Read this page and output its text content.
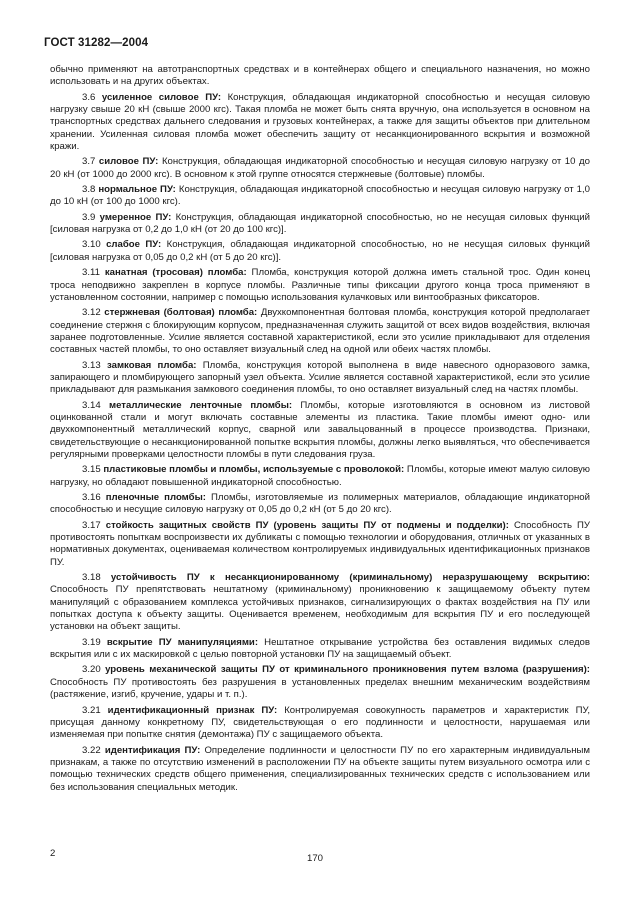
ГОСТ 31282—2004

обычно применяют на автотранспортных средствах и в контейнерах общего и специального назначения, но можно использовать и на других объектах.

3.6 усиленное силовое ПУ: Конструкция, обладающая индикаторной способностью и несущая силовую нагрузку свыше 20 кН (свыше 2000 кгс). Такая пломба не может быть снята вручную, она используется в основном на транспортных средствах дальнего следования и грузовых контейнерах, а также для защиты объектов при длительном хранении. Усиленная силовая пломба может обеспечить защиту от несанкционированного вскрытия и возможной кражи.

3.7 силовое ПУ: Конструкция, обладающая индикаторной способностью и несущая силовую нагрузку от 10 до 20 кН (от 1000 до 2000 кгс). В основном к этой группе относятся стержневые (болтовые) пломбы.

3.8 нормальное ПУ: Конструкция, обладающая индикаторной способностью и несущая силовую нагрузку от 1,0 до 10 кН (от 100 до 1000 кгс).

3.9 умеренное ПУ: Конструкция, обладающая индикаторной способностью, но не несущая силовых функций [силовая нагрузка от 0,2 до 1,0 кН (от 20 до 100 кгс)].

3.10 слабое ПУ: Конструкция, обладающая индикаторной способностью, но не несущая силовых функций [силовая нагрузка от 0,05 до 0,2 кН (от 5 до 20 кгс)].

3.11 канатная (тросовая) пломба: Пломба, конструкция которой должна иметь стальной трос. Один конец троса неподвижно закреплен в корпусе пломбы. Различные типы фиксации другого конца троса применяют в установленном состоянии, например с помощью использования кулачковых или винтообразных фиксаторов.

3.12 стержневая (болтовая) пломба: Двухкомпонентная болтовая пломба, конструкция которой предполагает соединение стержня с блокирующим корпусом, предназначенная служить защитой от всех видов воздействия, включая заранее подготовленные. Усилие является составной характеристикой, если это усилие прикладывают для отделения составных частей пломбы, то оно оставляет визуальный след на одной или обеих частях пломбы.

3.13 замковая пломба: Пломба, конструкция которой выполнена в виде навесного одноразового замка, запирающего и пломбирующего запорный узел объекта. Усилие является составной характеристикой, если это усилие прикладывают для размыкания замкового соединения пломбы, то оно оставляет визуальный след на частях пломбы.

3.14 металлические ленточные пломбы: Пломбы, которые изготовляются в основном из листовой оцинкованной стали и могут включать составные элементы из пластика. Такие пломбы имеют одно- или двухкомпонентный металлический корпус, сварной или завальцованный в процессе производства. Признаки, свидетельствующие о несанкционированной попытке вскрытия пломбы, должны легко выявляться, что обеспечивается регулярными проверками целостности пломбы в пути следования груза.

3.15 пластиковые пломбы и пломбы, используемые с проволокой: Пломбы, которые имеют малую силовую нагрузку, но обладают повышенной индикаторной способностью.

3.16 пленочные пломбы: Пломбы, изготовляемые из полимерных материалов, обладающие индикаторной способностью и несущие силовую нагрузку от 0,05 до 0,2 кН (от 5 до 20 кгс).

3.17 стойкость защитных свойств ПУ (уровень защиты ПУ от подмены и подделки): Способность ПУ противостоять попыткам воспроизвести их дубликаты с помощью технологии и оборудования, отличных от указанных в нормативных документах, оцениваемая количеством контролируемых индивидуальных идентификационных признаков ПУ.

3.18 устойчивость ПУ к несанкционированному (криминальному) неразрушающему вскрытию: Способность ПУ препятствовать нештатному (криминальному) проникновению к защищаемому объекту путем манипуляций с образованием комплекса устойчивых признаков, сигнализирующих о фактах воздействия на ПУ или попытках доступа к объекту защиты. Оценивается временем, необходимым для вскрытия ПУ и его последующей установки на объект защиты.

3.19 вскрытие ПУ манипуляциями: Нештатное открывание устройства без оставления видимых следов вскрытия или с их маскировкой с целью повторной установки ПУ на защищаемый объект.

3.20 уровень механической защиты ПУ от криминального проникновения путем взлома (разрушения): Способность ПУ противостоять без разрушения в установленных пределах внешним механическим воздействиям (растяжение, изгиб, кручение, удары и т. п.).

3.21 идентификационный признак ПУ: Контролируемая совокупность параметров и характеристик ПУ, присущая данному конкретному ПУ, свидетельствующая о его подлинности и целостности, нарушаемая или изменяемая при попытке снятия (демонтажа) ПУ с защищаемого объекта.

3.22 идентификация ПУ: Определение подлинности и целостности ПУ по его характерным индивидуальным признакам, а также по отсутствию изменений в расположении ПУ на объекте защиты путем визуального осмотра или с помощью технических средств общего применения, специализированных технических средств с использованием или без использования специальных методик.

2	170
